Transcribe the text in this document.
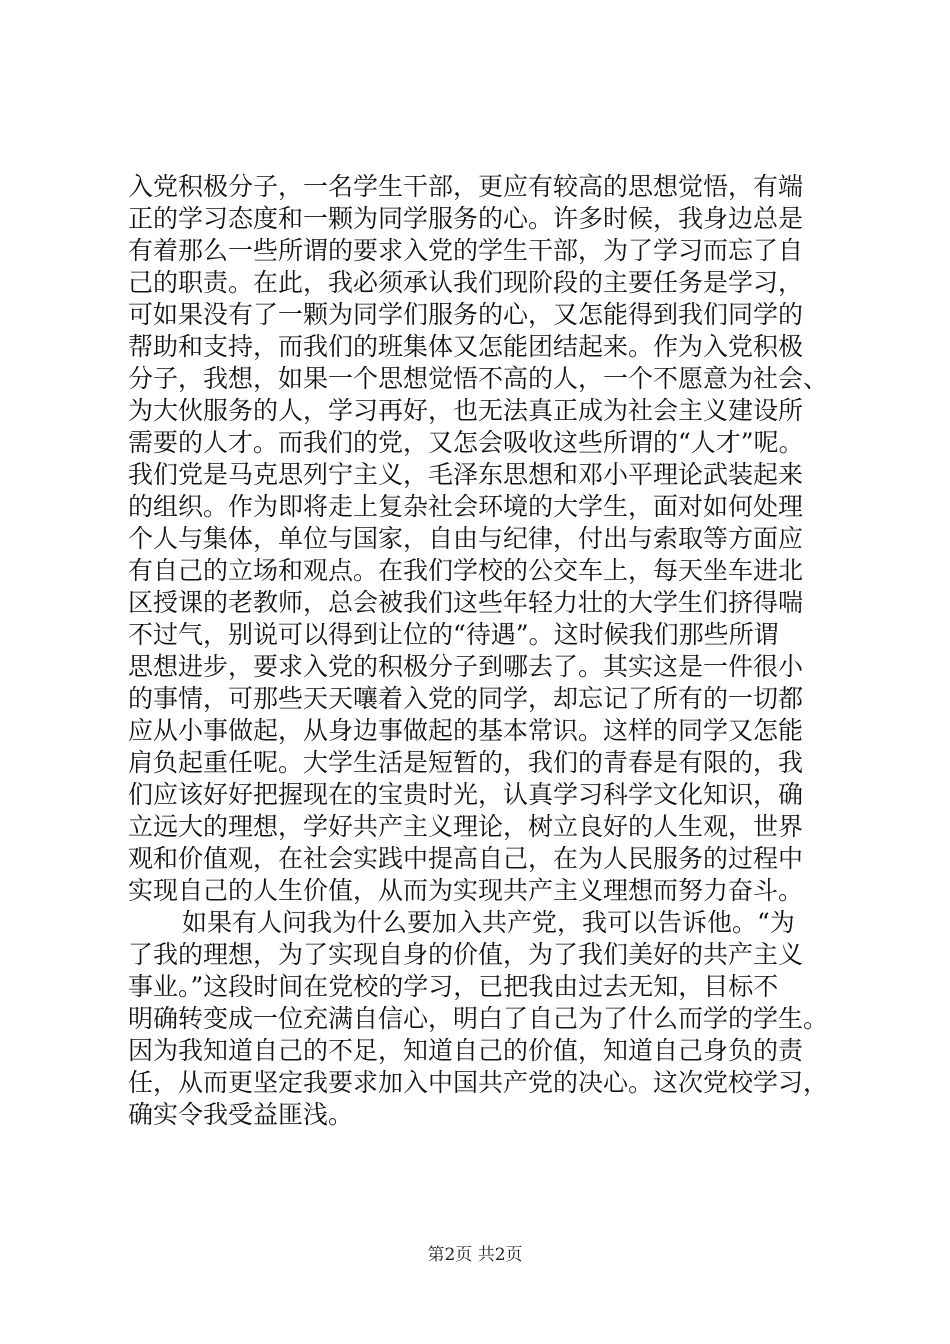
入党积极分子，一名学生干部，更应有较高的思想觉悟，有端
正的学习态度和一颗为同学服务的心。许多时候，我身边总是
有着那么一些所谓的要求入党的学生干部，为了学习而忘了自
己的职责。在此，我必须承认我们现阶段的主要任务是学习，
可如果没有了一颗为同学们服务的心，又怎能得到我们同学的
帮助和支持，而我们的班集体又怎能团结起来。作为入党积极
分子，我想，如果一个思想觉悟不高的人，一个不愿意为社会、
为大伙服务的人，学习再好，也无法真正成为社会主义建设所
需要的人才。而我们的党，又怎会吸收这些所谓的“人才”呢。
我们党是马克思列宁主义，毛泽东思想和邓小平理论武装起来
的组织。作为即将走上复杂社会环境的大学生，面对如何处理
个人与集体，单位与国家，自由与纪律，付出与索取等方面应
有自己的立场和观点。在我们学校的公交车上，每天坐车进北
区授课的老教师，总会被我们这些年轻力壮的大学生们挤得喘
不过气，别说可以得到让位的“待遇”。这时候我们那些所谓
思想进步，要求入党的积极分子到哪去了。其实这是一件很小
的事情，可那些天天嚷着入党的同学，却忘记了所有的一切都
应从小事做起，从身边事做起的基本常识。这样的同学又怎能
肩负起重任呢。大学生活是短暂的，我们的青春是有限的，我
们应该好好把握现在的宝贵时光，认真学习科学文化知识，确
立远大的理想，学好共产主义理论，树立良好的人生观，世界
观和价值观，在社会实践中提高自己，在为人民服务的过程中
实现自己的人生价值，从而为实现共产主义理想而努力奋斗。
如果有人问我为什么要加入共产党，我可以告诉他。“为
了我的理想，为了实现自身的价值，为了我们美好的共产主义
事业。”这段时间在党校的学习，已把我由过去无知，目标不
明确转变成一位充满自信心，明白了自己为了什么而学的学生。
因为我知道自己的不足，知道自己的价值，知道自己身负的责
任，从而更坚定我要求加入中国共产党的决心。这次党校学习，
确实令我受益匪浅。
第2页 共2页
